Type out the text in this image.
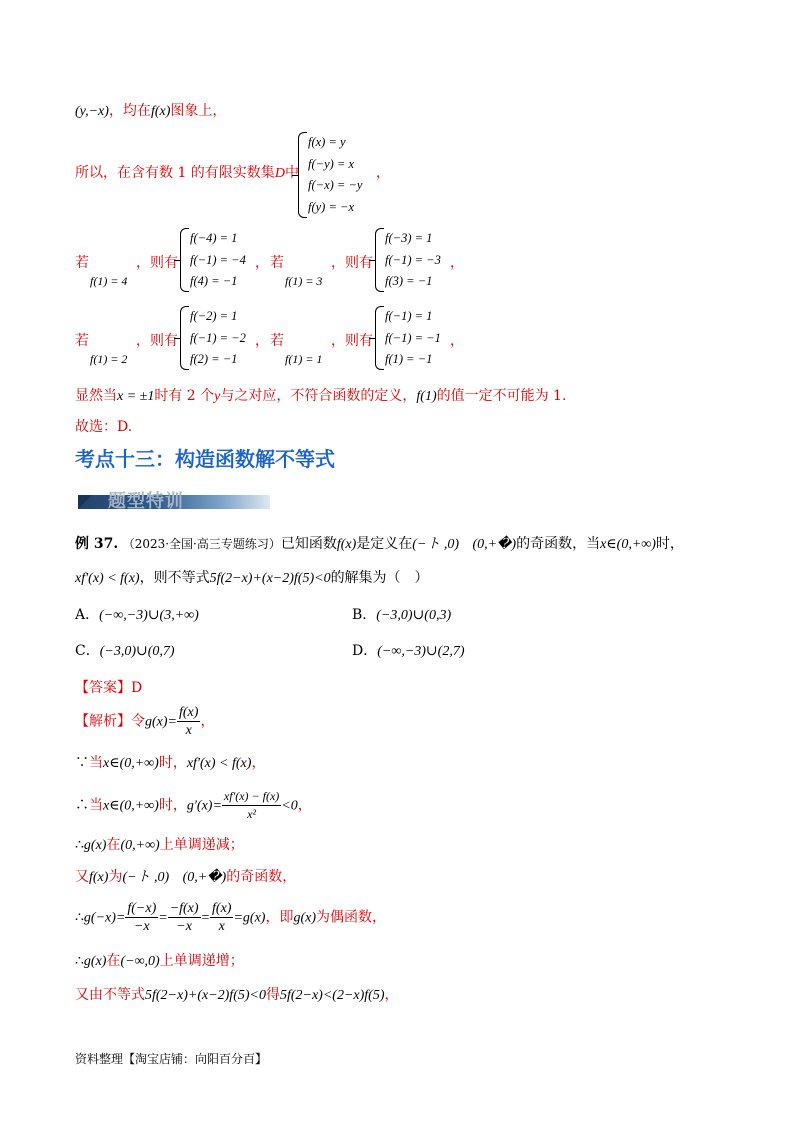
(y,−x)，均在f(x)图象上，
所以，在含有数 1 的有限实数集D中
f(x) = y
f(−y) = x
f(−x) = −y
f(y) = −x
，
若
f(1) = 4
，则有
f(−4) = 1
f(−1) = −4
f(4) = −1
， 若
f(1) = 3
，则有
f(−3) = 1
f(−1) = −3
f(3) = −1
，
若
f(1) = 2
，则有
f(−2) = 1
f(−1) = −2
f(2) = −1
， 若
f(1) = 1
，则有
f(−1) = 1
f(−1) = −1
f(1) = −1
，
显然当x = ±1时有 2 个y与之对应，不符合函数的定义，f(1)的值一定不可能为 1.
故选：D.
考点十三：构造函数解不等式
题型特训
例 37. （2023·全国·高三专题练习）已知函数f(x)是定义在(−ト ,0) (0,+�)的奇函数，当x∈(0,+∞)时，
xf′(x) < f(x)，则不等式5f(2−x)+(x−2)f(5)<0的解集为（　）
A．(−∞,−3)∪(3,+∞)	B．(−3,0)∪(0,3)
C．(−3,0)∪(0,7)	D．(−∞,−3)∪(2,7)
【答案】D
【解析】令$g(x)= \frac{f(x)}{x}$ ，
∵当x∈(0,+∞)时，xf′(x) < f(x)，
∴当x∈(0,+∞)时，$g'(x)= \frac{xf'(x) - f(x)}{\text{x²}} <0$，
∴g(x)在(0,+∞)上单调递减；
又f(x)为(−ト ,0) (0,+�)的奇函数，
∴g(−x)= $\frac{f(-x)}{-x} = \frac{-f(x)}{-x} = \frac{f(x)}{x} =g(x)$，即g(x)为偶函数，
∴g(x)在(−∞,0)上单调递增；
又由不等式5f(2−x)+(x−2)f(5)<0得5f(2−x)<(2−x)f(5)，
资料整理【淘宝店铺：向阳百分百】
